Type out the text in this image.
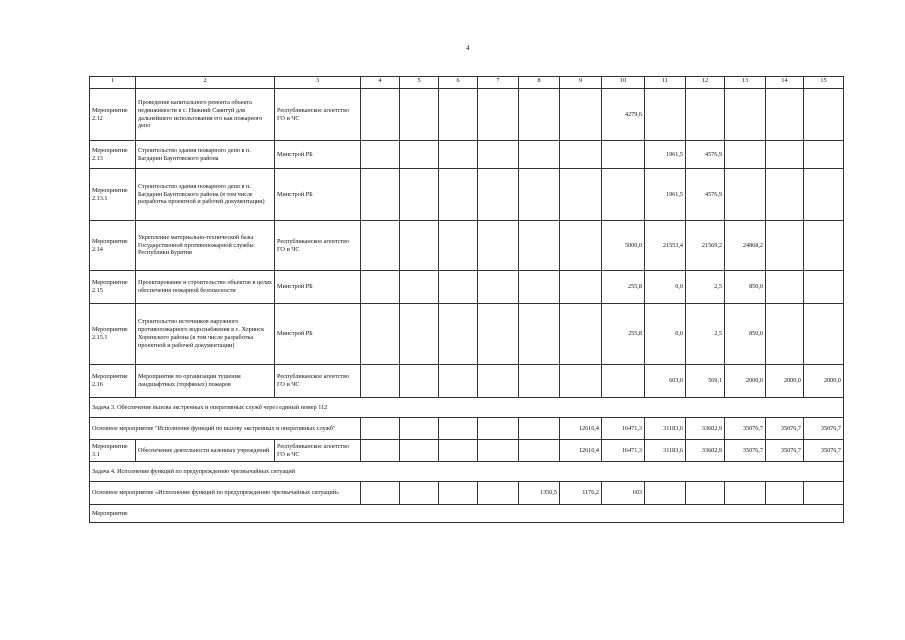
4
1	2	3	4	5	6	7	8	9	10	11	12	13	14	15
Мероприятие 2.12	Проведение капитального ремонта объекта недвижимости в с. Нижний Саянтуй для дальнейшего использования его как пожарного депо	Республиканское агентство ГО и ЧС							4279,6					
Мероприятие 2.13	Строительство здания пожарного депо в п. Багдарин Баунтовского района	Минстрой РБ								1961,5	4576,9			
Мероприятие 2.13.1	Строительство здания пожарного депо в п. Багдарин Баунтовского района (в том числе разработка проектной и рабочей документации)	Минстрой РБ								1961,5	4576,9			
Мероприятие 2.14	Укрепление материально-технической базы Государственной противопожарной службы Республики Бурятия	Республиканское агентство ГО и ЧС							5000,0	21553,4	21569,2	24868,2		
Мероприятие 2.15	Проектирование и строительство объектов в целях обеспечения пожарной безопасности	Минстрой РБ							255,8	0,0	2,5	850,0		
Мероприятие 2.15.1	Строительство источников наружного противопожарного водоснабжения в с. Хоринск Хоринского района (в том числе разработка проектной и рабочей документации)	Минстрой РБ							255,8	0,0	2,5	850,0		
Мероприятие 2.16	Мероприятия по организации тушения ландшафтных (торфяных) пожаров	Республиканское агентство ГО и ЧС								603,0	569,1	2000,0	2000,0	2000,0
Задача 3. Обеспечение вызова экстренных и оперативных служб через единый номер 112														
Основное мероприятие "Исполнение функций по вызову экстренных и оперативных служб"								12616,4	16471,3	31183,6	33602,9	35076,7	35076,7	35076,7
Мероприятие 3.1	Обеспечение деятельности казенных учреждений	Республиканское агентство ГО и ЧС						12616,4	16471,3	31183,6	33602,9	35076,7	35076,7	35076,7
Задача 4. Исполнение функций по предупреждению чрезвычайных ситуаций														
Основное мероприятие «Исполнение функций по предупреждению чрезвычайных ситуаций»							1350,5	1176,2	603					
Мероприятие														
